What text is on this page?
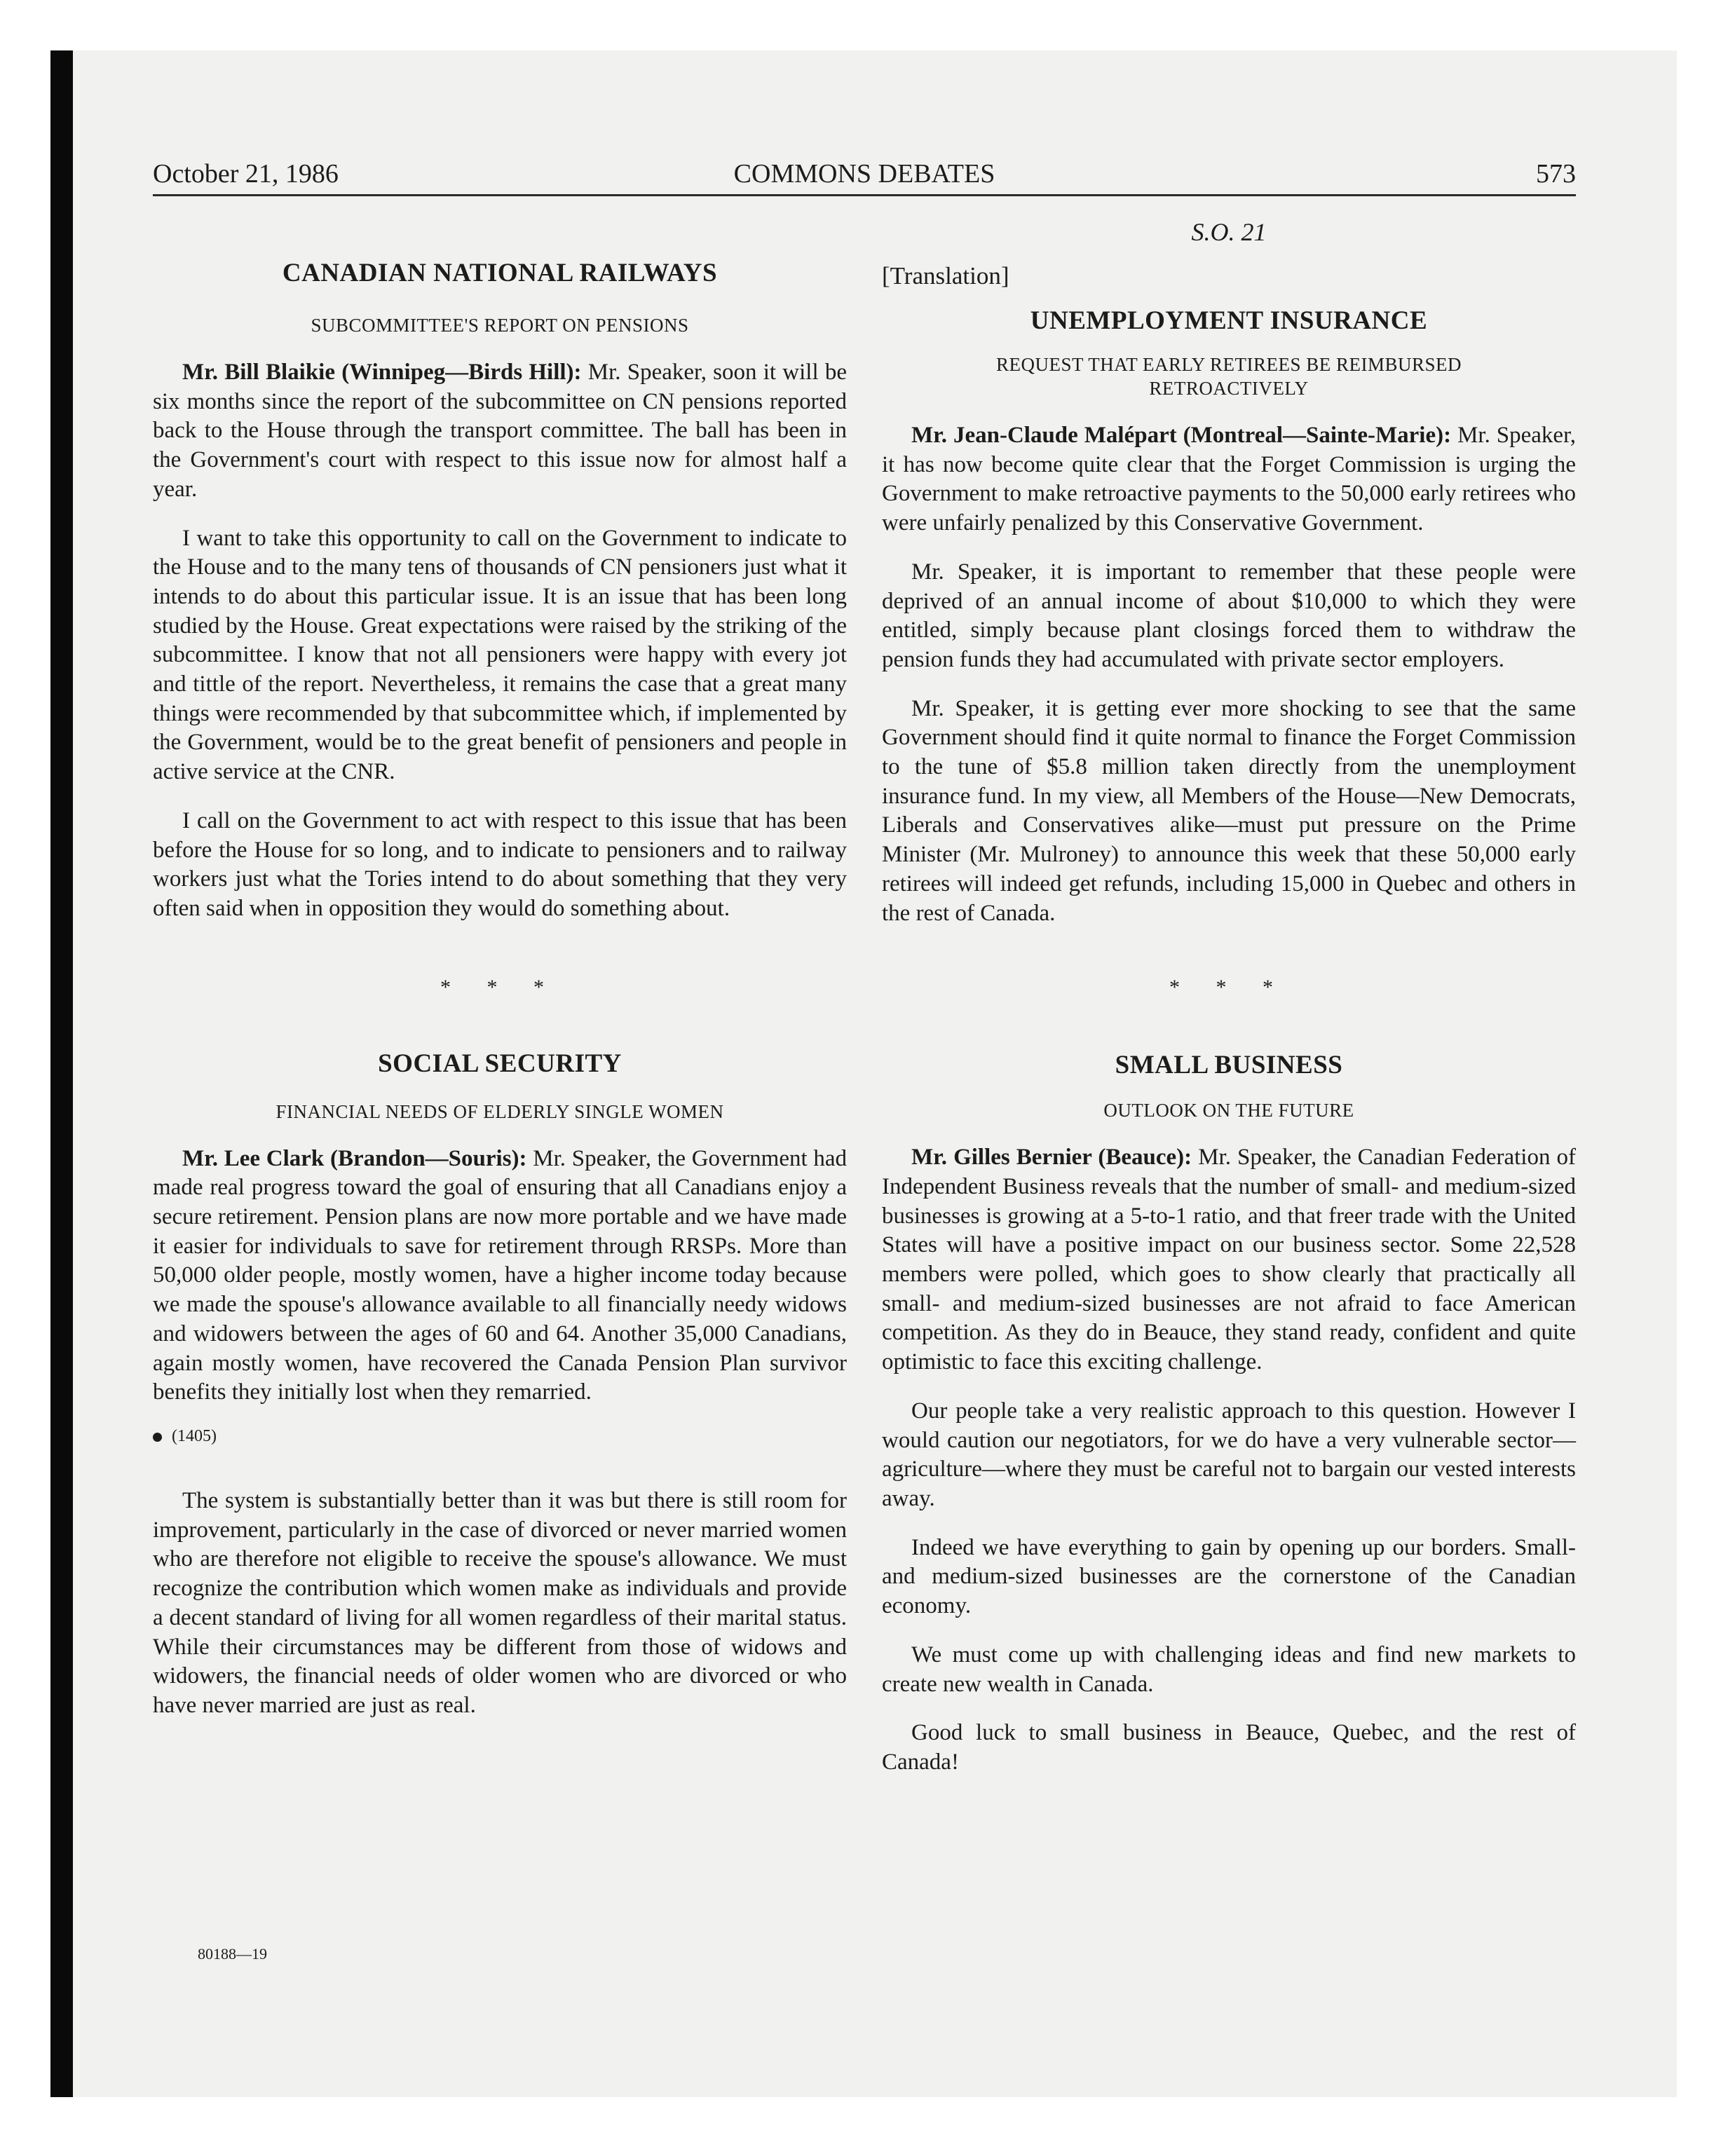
October 21, 1986	COMMONS DEBATES	573

CANADIAN NATIONAL RAILWAYS

SUBCOMMITTEE'S REPORT ON PENSIONS

Mr. Bill Blaikie (Winnipeg—Birds Hill): Mr. Speaker, soon it will be six months since the report of the subcommittee on CN pensions reported back to the House through the transport committee. The ball has been in the Government's court with respect to this issue now for almost half a year.

I want to take this opportunity to call on the Government to indicate to the House and to the many tens of thousands of CN pensioners just what it intends to do about this particular issue. It is an issue that has been long studied by the House. Great expectations were raised by the striking of the subcommittee. I know that not all pensioners were happy with every jot and tittle of the report. Nevertheless, it remains the case that a great many things were recommended by that subcommittee which, if implemented by the Government, would be to the great benefit of pensioners and people in active service at the CNR.

I call on the Government to act with respect to this issue that has been before the House for so long, and to indicate to pensioners and to railway workers just what the Tories intend to do about something that they very often said when in opposition they would do something about.

* * *

SOCIAL SECURITY

FINANCIAL NEEDS OF ELDERLY SINGLE WOMEN

Mr. Lee Clark (Brandon—Souris): Mr. Speaker, the Government had made real progress toward the goal of ensuring that all Canadians enjoy a secure retirement. Pension plans are now more portable and we have made it easier for individuals to save for retirement through RRSPs. More than 50,000 older people, mostly women, have a higher income today because we made the spouse's allowance available to all financially needy widows and widowers between the ages of 60 and 64. Another 35,000 Canadians, again mostly women, have recovered the Canada Pension Plan survivor benefits they initially lost when they remarried.

(1405)

The system is substantially better than it was but there is still room for improvement, particularly in the case of divorced or never married women who are therefore not eligible to receive the spouse's allowance. We must recognize the contribution which women make as individuals and provide a decent standard of living for all women regardless of their marital status. While their circumstances may be different from those of widows and widowers, the financial needs of older women who are divorced or who have never married are just as real.

80188—19

S.O. 21

[Translation]

UNEMPLOYMENT INSURANCE

REQUEST THAT EARLY RETIREES BE REIMBURSED

RETROACTIVELY

Mr. Jean-Claude Malépart (Montreal—Sainte-Marie): Mr. Speaker, it has now become quite clear that the Forget Commission is urging the Government to make retroactive payments to the 50,000 early retirees who were unfairly penalized by this Conservative Government.

Mr. Speaker, it is important to remember that these people were deprived of an annual income of about $10,000 to which they were entitled, simply because plant closings forced them to withdraw the pension funds they had accumulated with private sector employers.

Mr. Speaker, it is getting ever more shocking to see that the same Government should find it quite normal to finance the Forget Commission to the tune of $5.8 million taken directly from the unemployment insurance fund. In my view, all Members of the House—New Democrats, Liberals and Conservatives alike—must put pressure on the Prime Minister (Mr. Mulroney) to announce this week that these 50,000 early retirees will indeed get refunds, including 15,000 in Quebec and others in the rest of Canada.

* * *

SMALL BUSINESS

OUTLOOK ON THE FUTURE

Mr. Gilles Bernier (Beauce): Mr. Speaker, the Canadian Federation of Independent Business reveals that the number of small- and medium-sized businesses is growing at a 5-to-1 ratio, and that freer trade with the United States will have a positive impact on our business sector. Some 22,528 members were polled, which goes to show clearly that practically all small- and medium-sized businesses are not afraid to face American competition. As they do in Beauce, they stand ready, confident and quite optimistic to face this exciting challenge.

Our people take a very realistic approach to this question. However I would caution our negotiators, for we do have a very vulnerable sector—agriculture—where they must be careful not to bargain our vested interests away.

Indeed we have everything to gain by opening up our borders. Small- and medium-sized businesses are the cornerstone of the Canadian economy.

We must come up with challenging ideas and find new markets to create new wealth in Canada.

Good luck to small business in Beauce, Quebec, and the rest of Canada!
